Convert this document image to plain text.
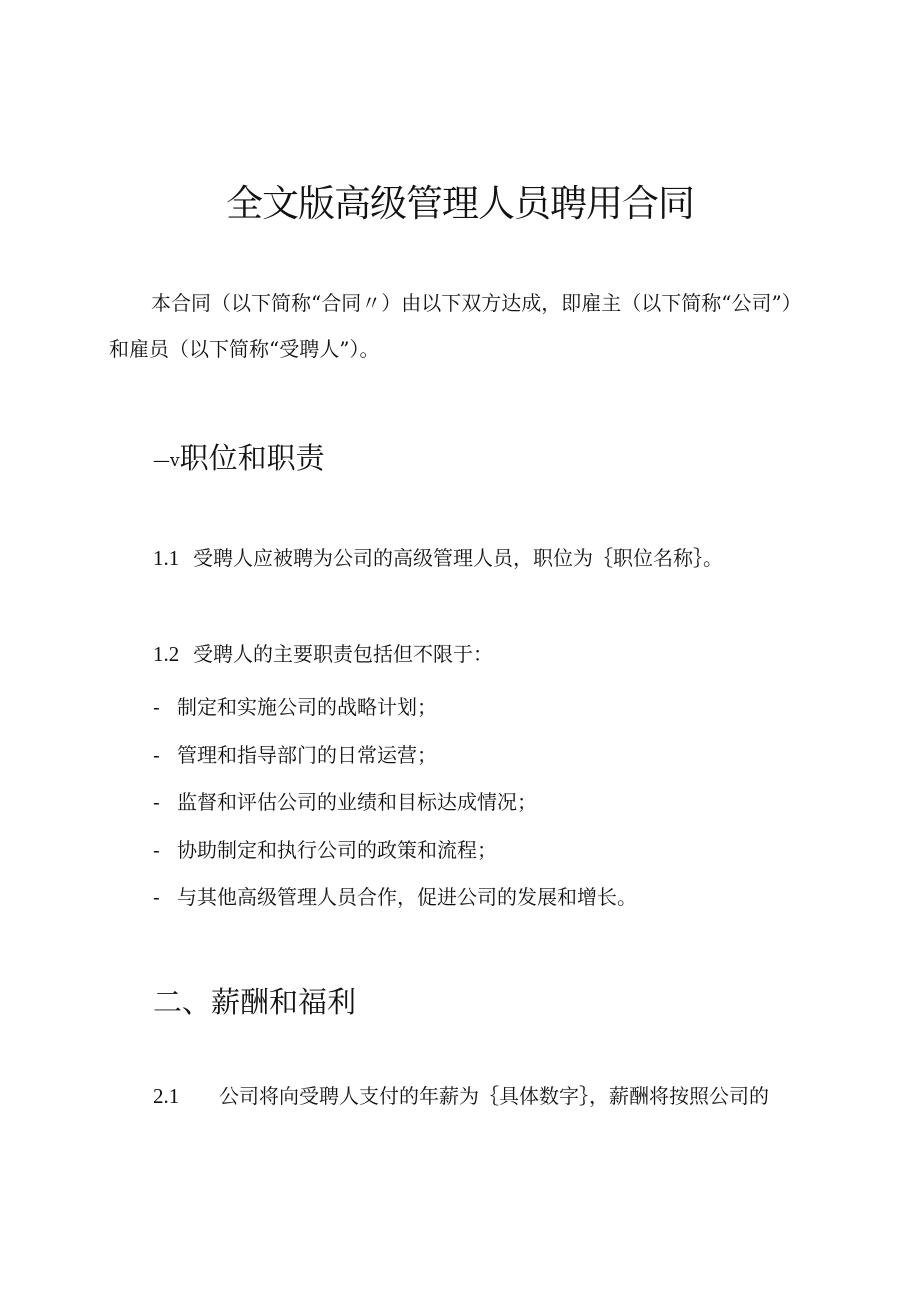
全文版高级管理人员聘用合同

本合同（以下简称“合同〃）由以下双方达成，即雇主（以下简称“公司”）和雇员（以下简称“受聘人”）。

—v职位和职责

1.1 受聘人应被聘为公司的高级管理人员，职位为｛职位名称｝。

1.2 受聘人的主要职责包括但不限于：

- 制定和实施公司的战略计划；
- 管理和指导部门的日常运营；
- 监督和评估公司的业绩和目标达成情况；
- 协助制定和执行公司的政策和流程；
- 与其他高级管理人员合作，促进公司的发展和增长。
二、薪酬和福利

2.1 公司将向受聘人支付的年薪为｛具体数字｝，薪酬将按照公司的
